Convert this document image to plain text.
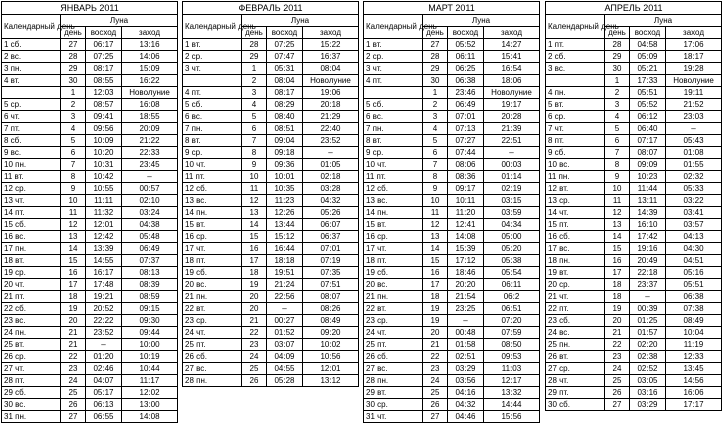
ЯНВАРЬ 2011			
Календарный день	Луна		
	день	восход	заход
1 сб.	27	06:17	13:16
2 вс.	28	07:25	14:06
3 пн.	29	08:17	15:09
4 вт.	30	08:55	16:22
	1	12:03	Новолуние
5 ср.	2	08:57	16:08
6 чт.	3	09:41	18:55
7 пт.	4	09:56	20:09
8 сб.	5	10:09	21:22
9 вс.	6	10:20	22:33
10 пн.	7	10:31	23:45
11 вт.	8	10:42	–
12 ср.	9	10:55	00:57
13 чт.	10	11:11	02:10
14 пт.	11	11:32	03:24
15 сб.	12	12:01	04:38
16 вс.	13	12:42	05:48
17 пн.	14	13:39	06:49
18 вт.	15	14:55	07:37
19 ср.	16	16:17	08:13
20 чт.	17	17:48	08:39
21 пт.	18	19:21	08:59
22 сб.	19	20:52	09:15
23 вс.	20	22:22	09:30
24 пн.	21	23:52	09:44
25 вт.	21	–	10:00
26 ср.	22	01:20	10:19
27 чт.	23	02:46	10:44
28 пт.	24	04:07	11:17
29 сб.	25	05:17	12:02
30 вс.	26	06:13	13:00
31 пн.	27	06:55	14:08
ФЕВРАЛЬ 2011			
Календарный день	Луна		
	день	восход	заход
1 вт.	28	07:25	15:22
2 ср.	29	07:47	16:37
3 чт.	1	05:31	08:04
	2	08:04	Новолуние
4 пт.	3	08:17	19:06
5 сб.	4	08:29	20:18
6 вс.	5	08:40	21:29
7 пн.	6	08:51	22:40
8 вт.	7	09:04	23:52
9 ср.	8	09:18	–
10 чт.	9	09:36	01:05
11 пт.	10	10:01	02:18
12 сб.	11	10:35	03:28
13 вс.	12	11:23	04:32
14 пн.	13	12:26	05:26
15 вт.	14	13:44	06:07
16 ср.	15	15:12	06:37
17 чт.	16	16:44	07:01
18 пт.	17	18:18	07:19
19 сб.	18	19:51	07:35
20 вс.	19	21:24	07:51
21 пн.	20	22:56	08:07
22 вт.	20	–	08:26
23 ср.	21	00:27	08:49
24 чт.	22	01:52	09:20
25 пт.	23	03:07	10:02
26 сб.	24	04:09	10:56
27 вс.	25	04:55	12:01
28 пн.	26	05:28	13:12
МАРТ 2011			
Календарный день	Луна		
	день	восход	заход
1 вт.	27	05:52	14:27
2 ср.	28	06:11	15:41
3 чт.	29	06:25	16:54
4 пт.	30	06:38	18:06
	1	23:46	Новолуние
5 сб.	2	06:49	19:17
6 вс.	3	07:01	20:28
7 пн.	4	07:13	21:39
8 вт.	5	07:27	22:51
9 ср.	6	07:44	–
10 чт.	7	08:06	00:03
11 пт.	8	08:36	01:14
12 сб.	9	09:17	02:19
13 вс.	10	10:11	03:15
14 пн.	11	11:20	03:59
15 вт.	12	12:41	04:34
16 ср.	13	14:08	05:00
17 чт.	14	15:39	05:20
18 пт.	15	17:12	05:38
19 сб.	16	18:46	05:54
20 вс.	17	20:20	06:11
21 пн.	18	21:54	06:2
22 вт.	19	23:25	06:51
23 ср.	19	–	07:20
24 чт.	20	00:48	07:59
25 пт.	21	01:58	08:50
26 сб.	22	02:51	09:53
27 вс.	23	03:29	11:03
28 пн.	24	03:56	12:17
29 вт.	25	04:16	13:32
30 ср.	26	04:32	14:44
31 чт.	27	04:46	15:56
АПРЕЛЬ 2011			
Календарный день	Луна		
	день	восход	заход
1 пт.	28	04:58	17:06
2 сб.	29	05:09	18:17
3 вс.	30	05:21	19:28
	1	17:33	Новолуние
4 пн.	2	05:51	19:11
5 вт.	3	05:52	21:52
6 ср.	4	06:12	23:03
7 чт.	5	06:40	–
8 пт.	6	07:17	05:43
9 сб.	7	08:07	01:08
10 вс.	8	09:09	01:55
11 пн.	9	10:23	02:32
12 вт.	10	11:44	05:33
13 ср.	11	13:11	03:22
14 чт.	12	14:39	03:41
15 пт.	13	16:10	03:57
16 сб.	14	17:42	04:13
17 вс.	15	19:16	04:30
18 пн.	16	20:49	04:51
19 вт.	17	22:18	05:16
20 ср.	18	23:37	05:51
21 чт.	18	–	06:38
22 пт.	19	00:39	07:38
23 сб.	20	01:25	08:49
24 вс.	21	01:57	10:04
25 пн.	22	02:20	11:19
26 вт.	23	02:38	12:33
27 ср.	24	02:52	13:45
28 чт.	25	03:05	14:56
29 пт.	26	03:16	16:06
30 сб.	27	03:29	17:17
